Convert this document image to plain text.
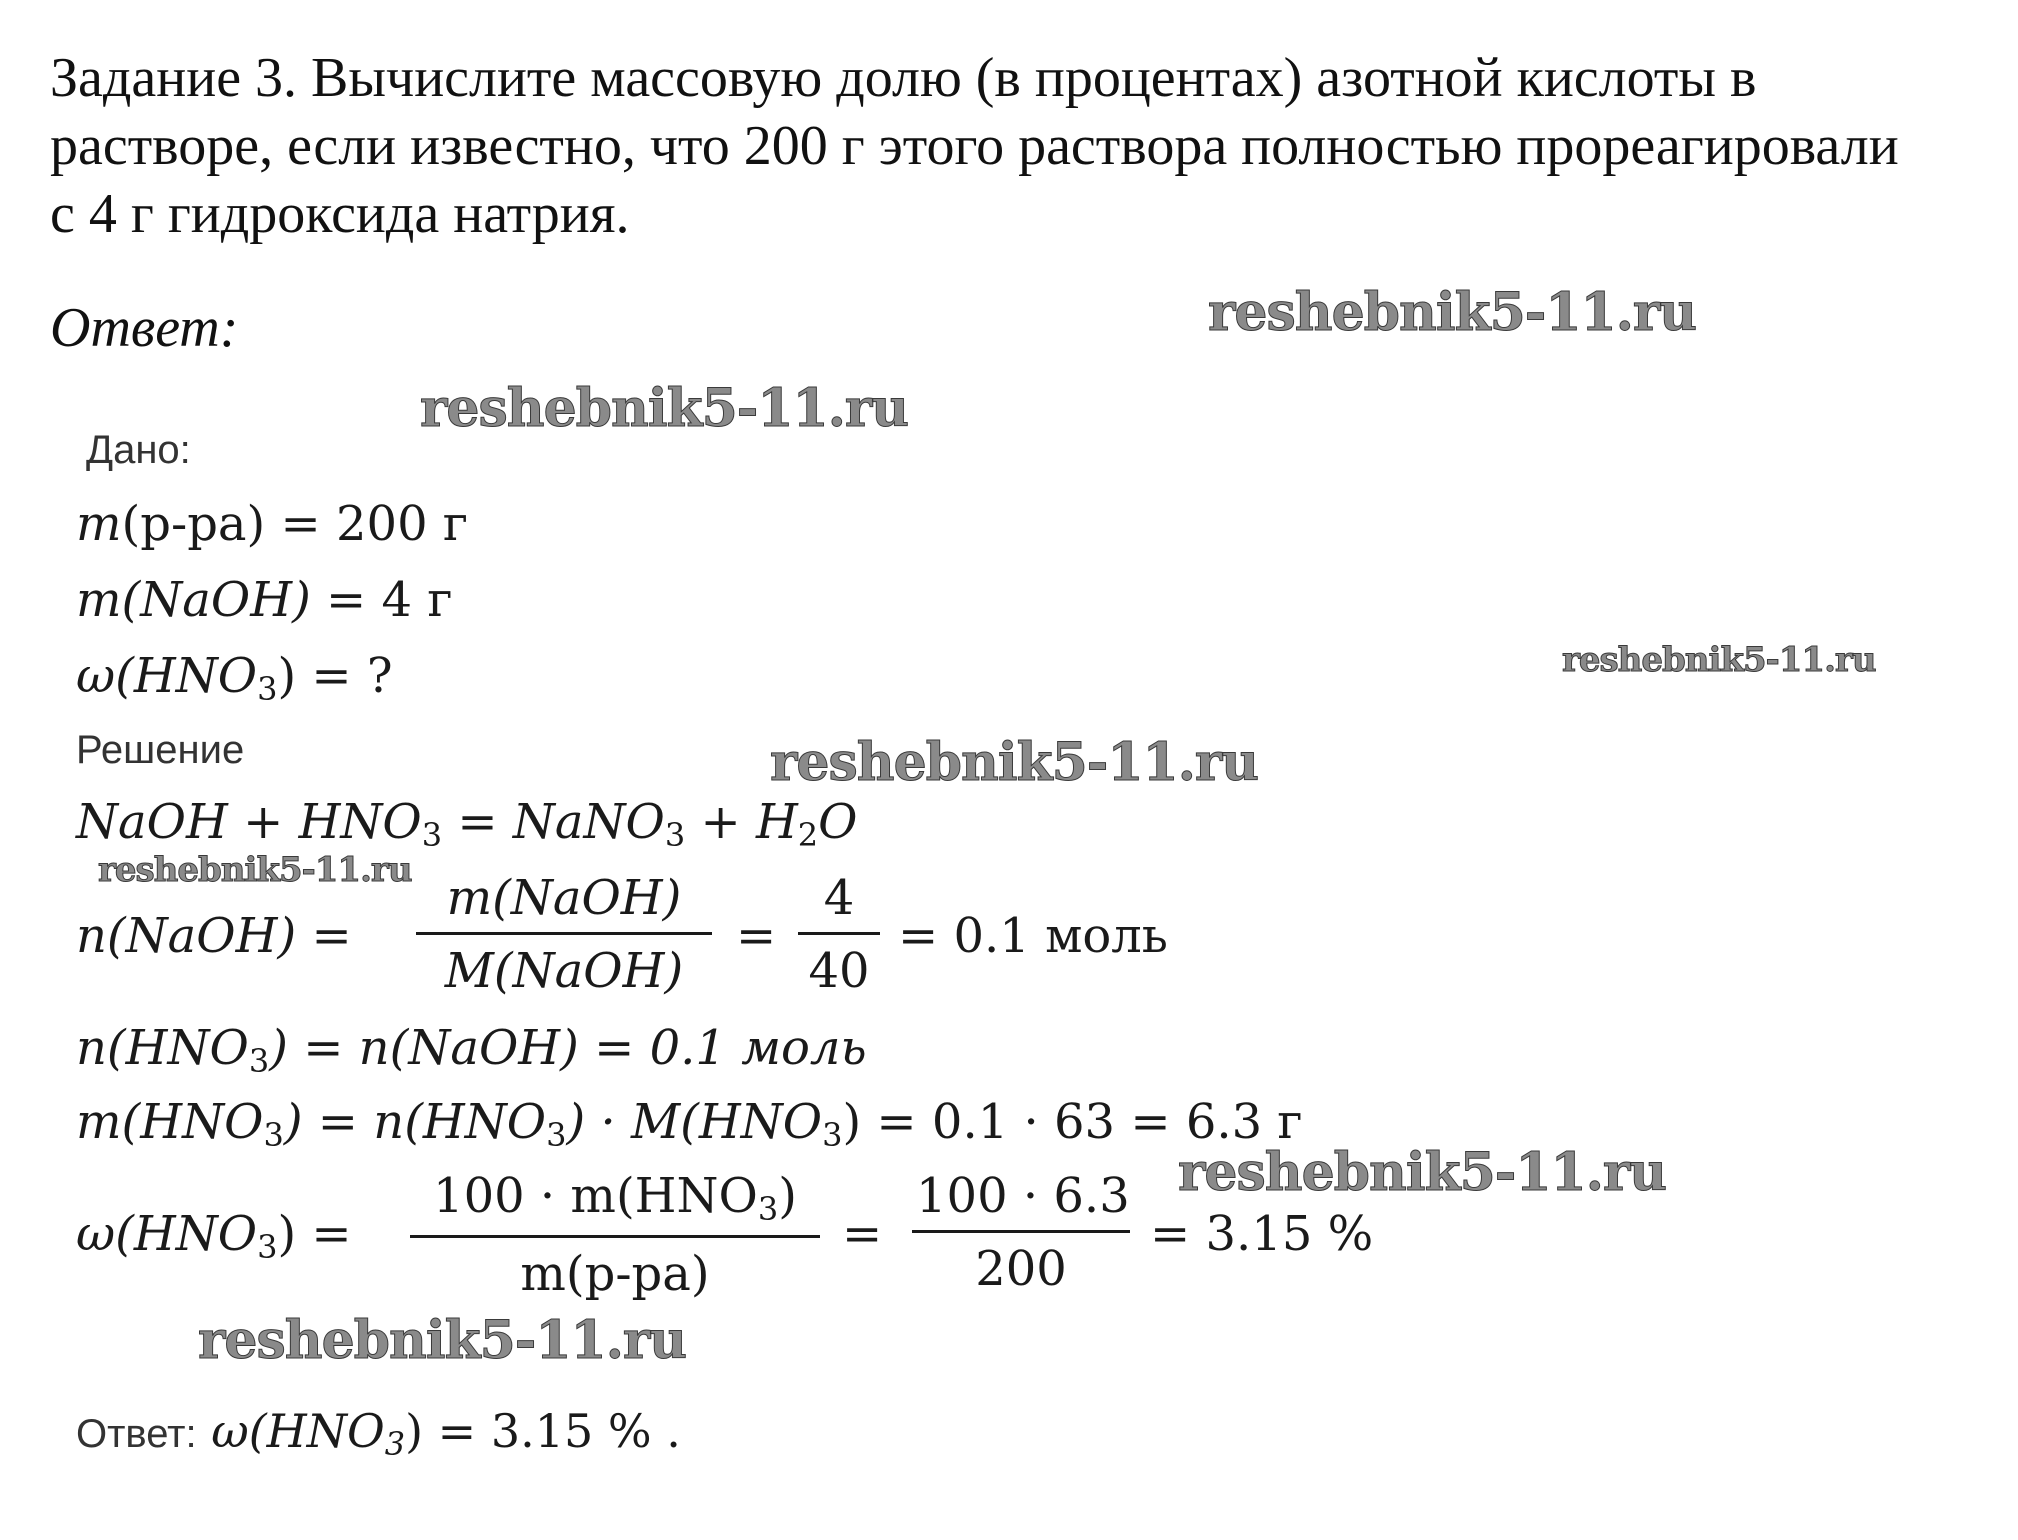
Задание 3. Вычислите массовую долю (в процентах) азотной кислоты в
растворе, если известно, что 200 г этого раствора полностью прореагировали
с 4 г гидроксида натрия.
Ответ:	reshebnik5-11.ru
reshebnik5-11.ru
reshebnik5-11.ru
reshebnik5-11.ru
reshebnik5-11.ru
reshebnik5-11.ru
reshebnik5-11.ru
Дано:
m(р-ра) = 200 г
m(NaOH) = 4 г
$\omega(HNO_3)$ = ?
Решение
NaOH + $HNO_3$ = NaNO$_3$ + $H_2O$
n(NaOH) =
m(NaOH)
M(NaOH)
=
4
40
= 0.1 моль
$n(HNO_3)$ = n(NaOH) = 0.1 моль
$m(HNO_3) = n(HNO_3) \cdot M(HNO_3) = 0.1 \cdot 63 = 6.3$ г
$\omega(HNO_3)$ =
$100 \cdot m(HNO_3)$
m(р-ра)
=
100 · 6.3
200
= 3.15 %
Ответ: $\omega(HNO_3) = 3.15$ % .
